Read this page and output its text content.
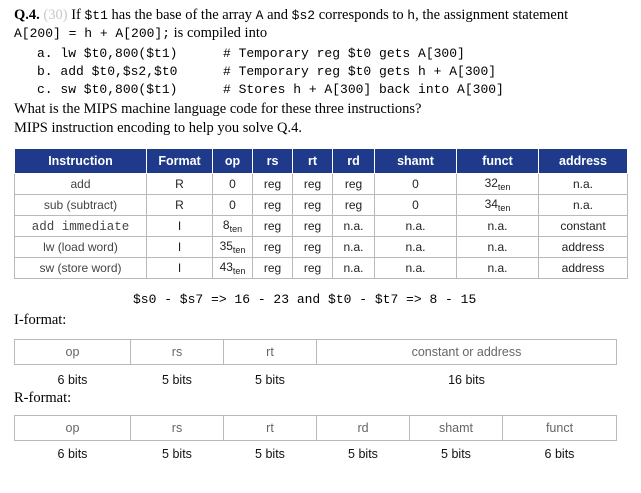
Q.4. (30) If $t1 has the base of the array A and $s2 corresponds to h, the assignment statement
A[200] = h + A[200]; is compiled into
a. lw $t0,800($t1)	# Temporary reg $t0 gets A[300]
b. add $t0,$s2,$t0	# Temporary reg $t0 gets h + A[300]
c. sw $t0,800($t1)	# Stores h + A[300] back into A[300]
What is the MIPS machine language code for these three instructions?
MIPS instruction encoding to help you solve Q.4.
Instruction	Format	op	rs	rt	rd	shamt	funct	address
add	R	0	reg	reg	reg	0	$32_{ten}$	n.a.
sub (subtract)	R	0	reg	reg	reg	0	$34_{ten}$	n.a.
add immediate	I	$8_{ten}$	reg	reg	n.a.	n.a.	n.a.	constant
lw (load word)	I	$35_{ten}$	reg	reg	n.a.	n.a.	n.a.	address
sw (store word)	I	$43_{ten}$	reg	reg	n.a.	n.a.	n.a.	address
$s0 - $s7 => 16 - 23 and $t0 - $t7 => 8 - 15
I-format:
op	rs	rt	constant or address
6 bits	5 bits	5 bits	16 bits
R-format:
op	rs	rt	rd	shamt	funct
6 bits	5 bits	5 bits	5 bits	5 bits	6 bits
